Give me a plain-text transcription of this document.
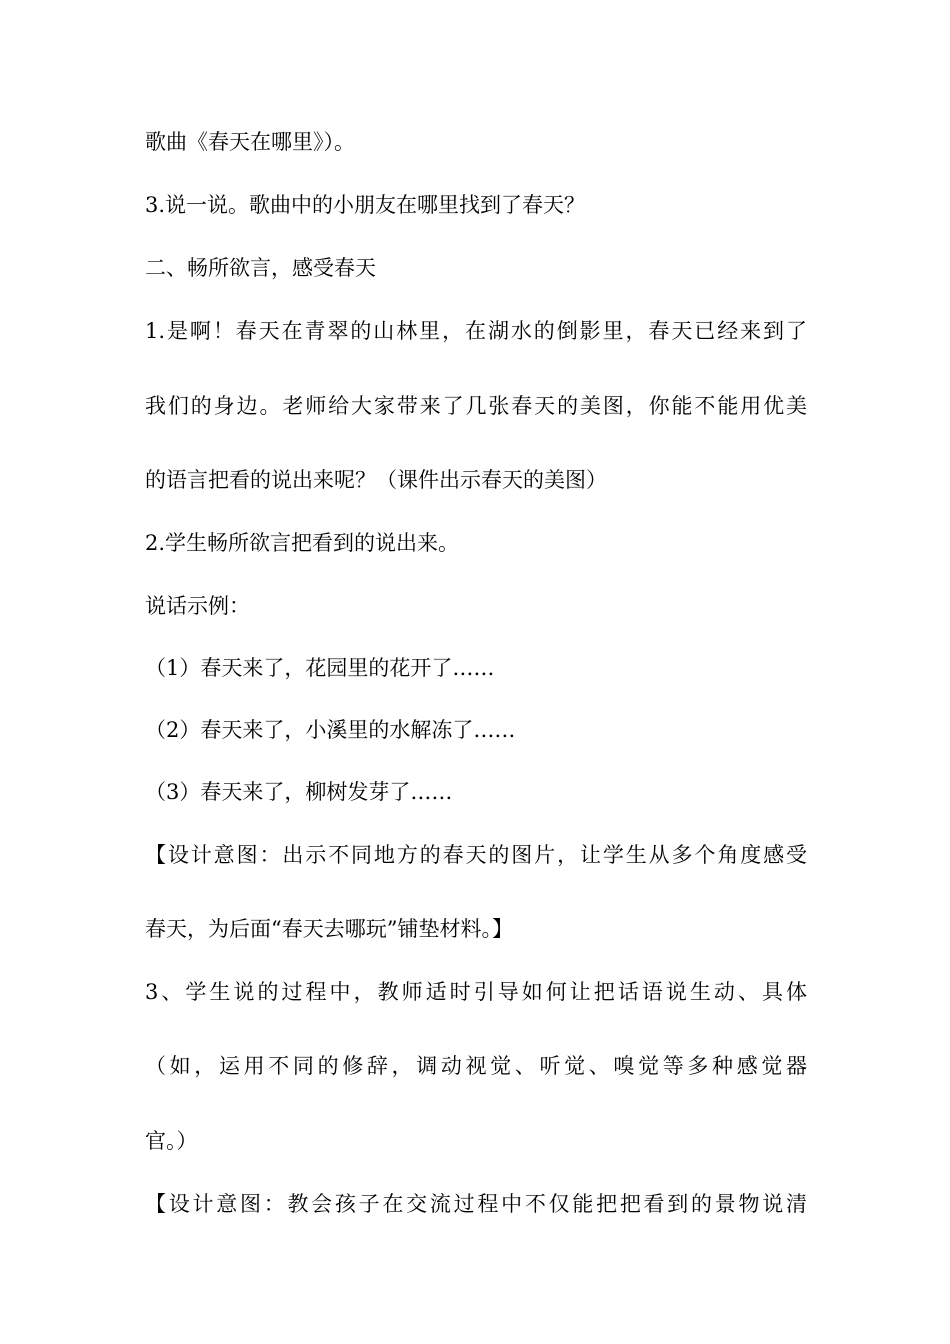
歌曲《春天在哪里》）。
3.说一说。歌曲中的小朋友在哪里找到了春天？
二、畅所欲言，感受春天
1.是啊！春天在青翠的山林里，在湖水的倒影里，春天已经来到了
我们的身边。老师给大家带来了几张春天的美图，你能不能用优美
的语言把看的说出来呢？（课件出示春天的美图）
2.学生畅所欲言把看到的说出来。
说话示例：
（1）春天来了，花园里的花开了……
（2）春天来了，小溪里的水解冻了……
（3）春天来了，柳树发芽了……
【设计意图：出示不同地方的春天的图片，让学生从多个角度感受
春天，为后面“春天去哪玩”铺垫材料。】
3、学生说的过程中，教师适时引导如何让把话语说生动、具体
（如，运用不同的修辞，调动视觉、听觉、嗅觉等多种感觉器
官。）
【设计意图：教会孩子在交流过程中不仅能把把看到的景物说清
